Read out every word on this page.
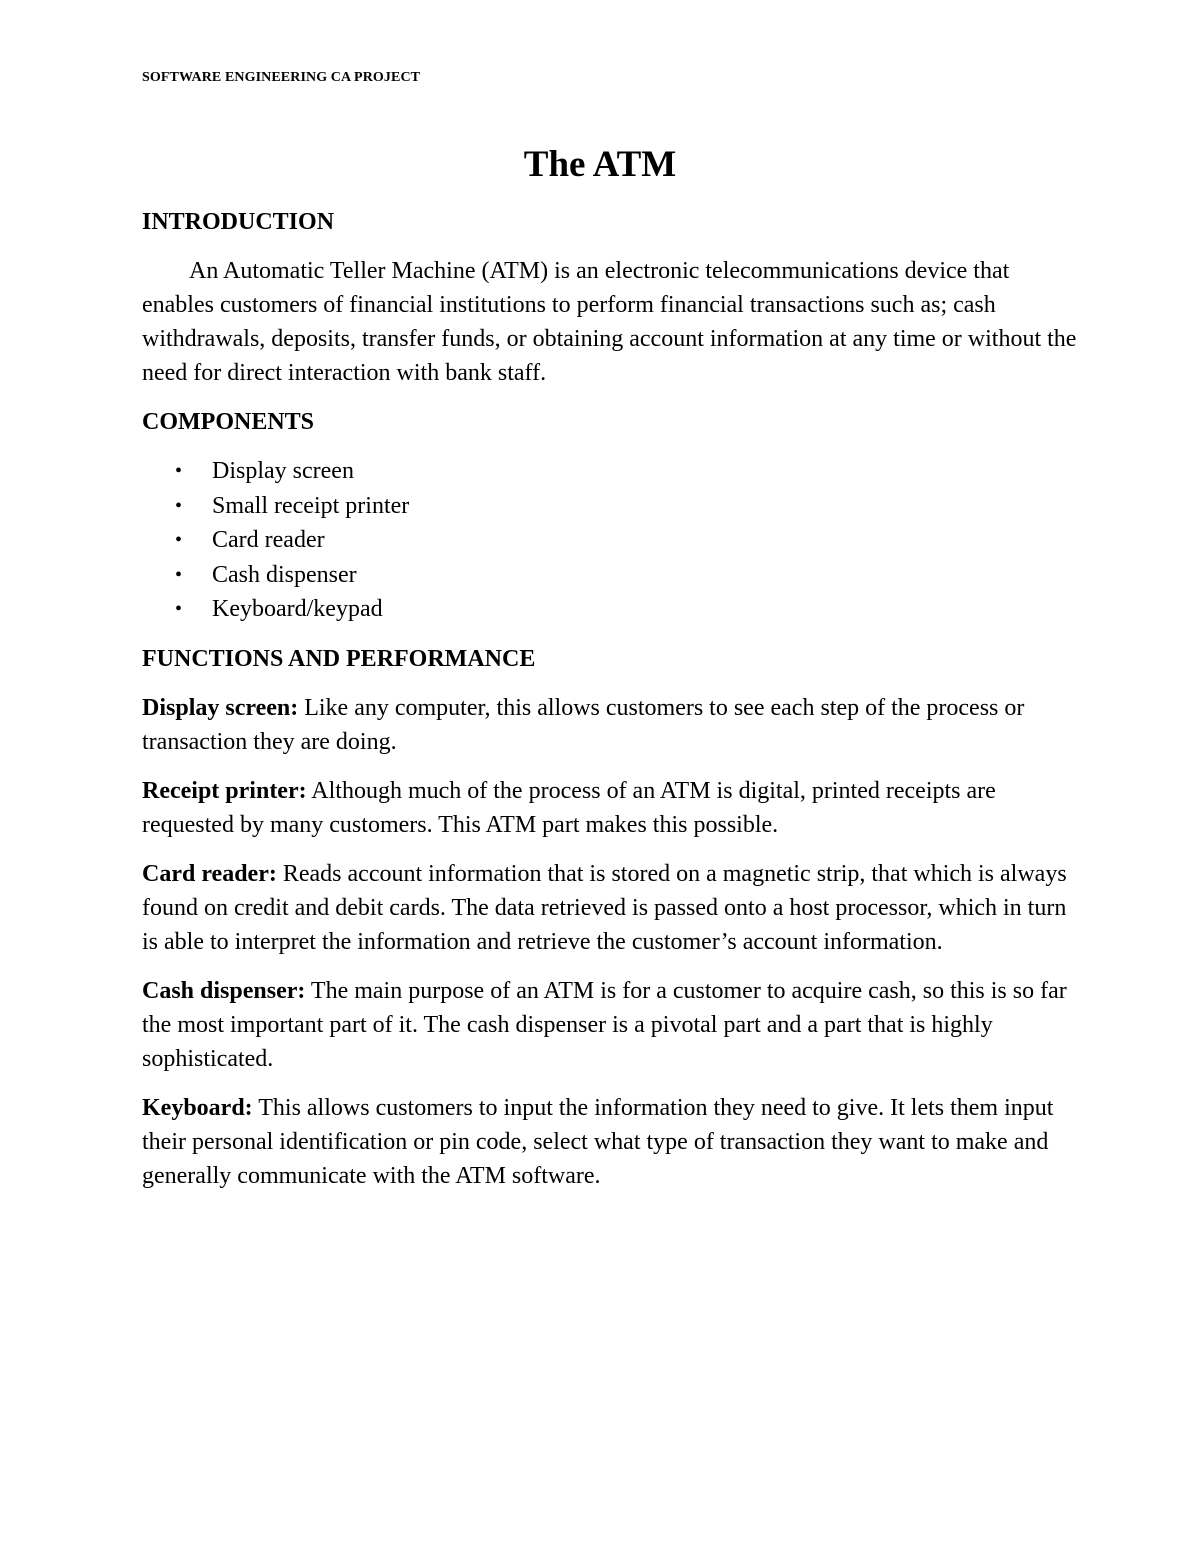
SOFTWARE ENGINEERING CA PROJECT
The ATM
INTRODUCTION

An Automatic Teller Machine (ATM) is an electronic telecommunications device that enables customers of financial institutions to perform financial transactions such as; cash withdrawals, deposits, transfer funds, or obtaining account information at any time or without the need for direct interaction with bank staff.

COMPONENTS
• Display screen
• Small receipt printer
• Card reader
• Cash dispenser
• Keyboard/keypad
FUNCTIONS AND PERFORMANCE

Display screen: Like any computer, this allows customers to see each step of the process or transaction they are doing.

Receipt printer: Although much of the process of an ATM is digital, printed receipts are requested by many customers. This ATM part makes this possible.

Card reader: Reads account information that is stored on a magnetic strip, that which is always found on credit and debit cards. The data retrieved is passed onto a host processor, which in turn is able to interpret the information and retrieve the customer’s account information.

Cash dispenser: The main purpose of an ATM is for a customer to acquire cash, so this is so far the most important part of it. The cash dispenser is a pivotal part and a part that is highly sophisticated.

Keyboard: This allows customers to input the information they need to give. It lets them input their personal identification or pin code, select what type of transaction they want to make and generally communicate with the ATM software.
